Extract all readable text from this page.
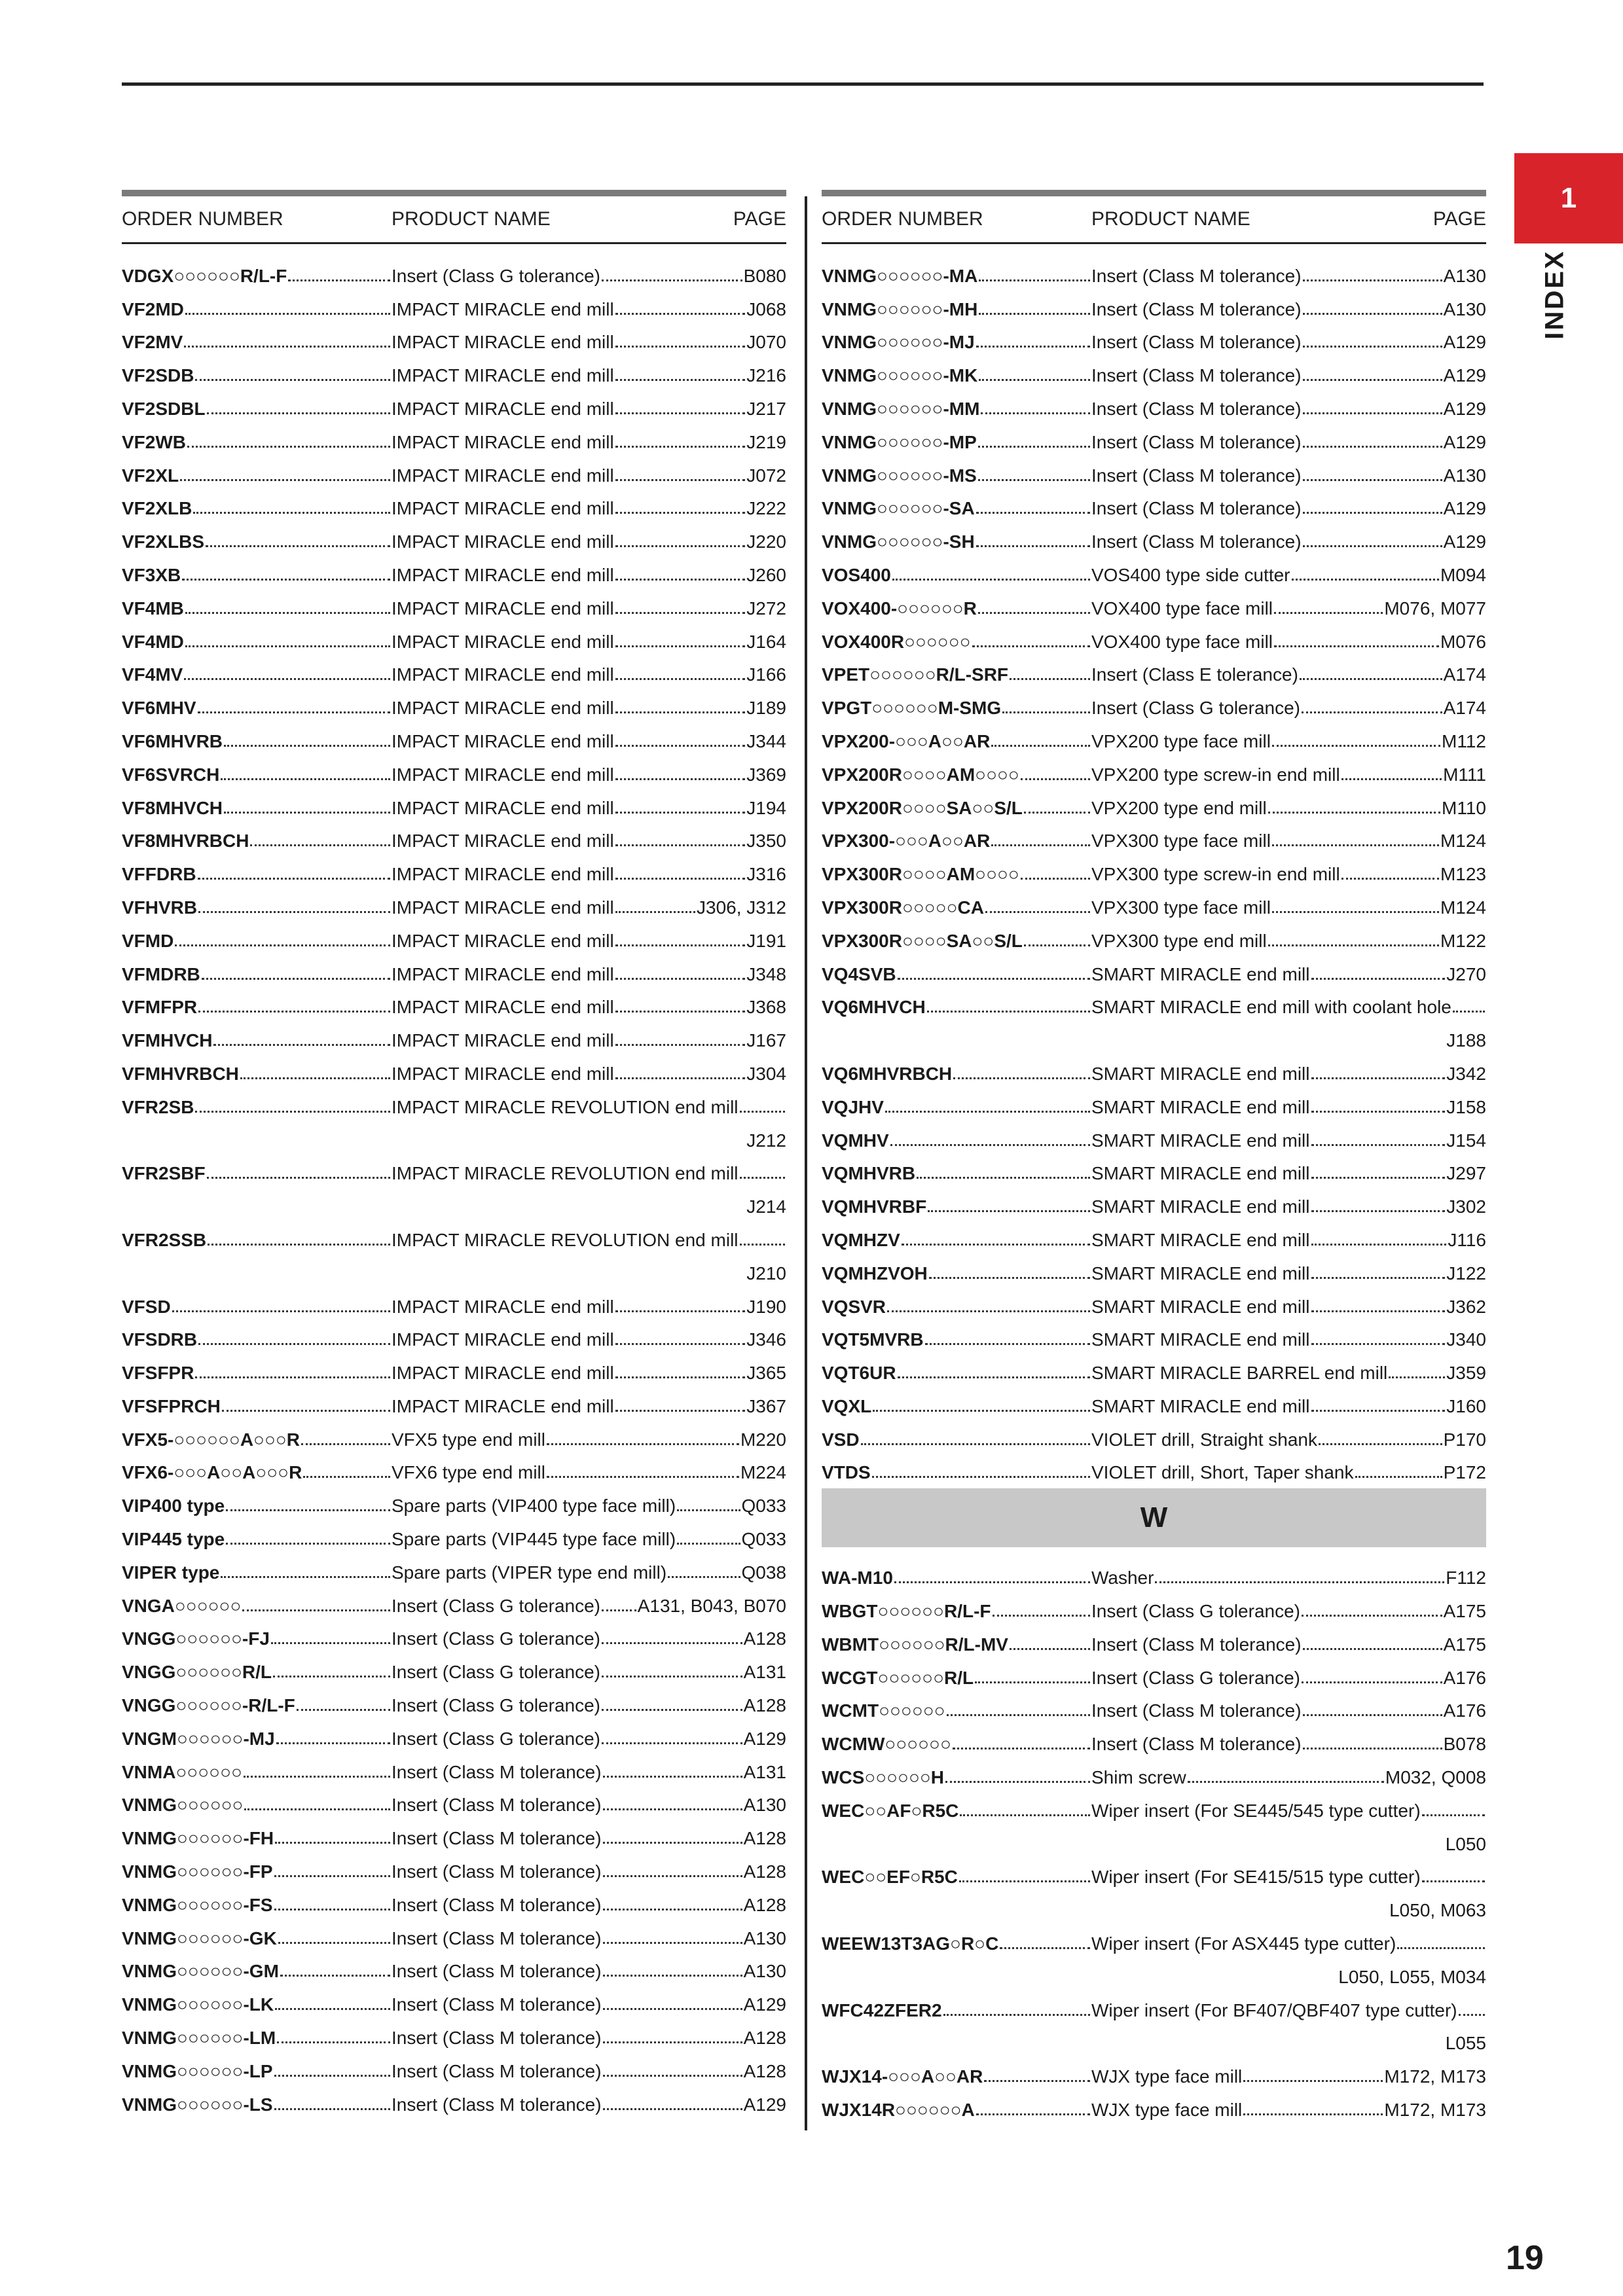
1
INDEX
ORDER NUMBER	PRODUCT NAME	PAGE
VDGX○○○○○○R/L-F	Insert (Class G tolerance)	B080
VF2MD	IMPACT MIRACLE end mill	J068
VF2MV	IMPACT MIRACLE end mill	J070
VF2SDB	IMPACT MIRACLE end mill	J216
VF2SDBL	IMPACT MIRACLE end mill	J217
VF2WB	IMPACT MIRACLE end mill	J219
VF2XL	IMPACT MIRACLE end mill	J072
VF2XLB	IMPACT MIRACLE end mill	J222
VF2XLBS	IMPACT MIRACLE end mill	J220
VF3XB	IMPACT MIRACLE end mill	J260
VF4MB	IMPACT MIRACLE end mill	J272
VF4MD	IMPACT MIRACLE end mill	J164
VF4MV	IMPACT MIRACLE end mill	J166
VF6MHV	IMPACT MIRACLE end mill	J189
VF6MHVRB	IMPACT MIRACLE end mill	J344
VF6SVRCH	IMPACT MIRACLE end mill	J369
VF8MHVCH	IMPACT MIRACLE end mill	J194
VF8MHVRBCH	IMPACT MIRACLE end mill	J350
VFFDRB	IMPACT MIRACLE end mill	J316
VFHVRB	IMPACT MIRACLE end mill	J306, J312
VFMD	IMPACT MIRACLE end mill	J191
VFMDRB	IMPACT MIRACLE end mill	J348
VFMFPR	IMPACT MIRACLE end mill	J368
VFMHVCH	IMPACT MIRACLE end mill	J167
VFMHVRBCH	IMPACT MIRACLE end mill	J304
VFR2SB	IMPACT MIRACLE REVOLUTION end mill
J212
VFR2SBF	IMPACT MIRACLE REVOLUTION end mill
J214
VFR2SSB	IMPACT MIRACLE REVOLUTION end mill
J210
VFSD	IMPACT MIRACLE end mill	J190
VFSDRB	IMPACT MIRACLE end mill	J346
VFSFPR	IMPACT MIRACLE end mill	J365
VFSFPRCH	IMPACT MIRACLE end mill	J367
VFX5-○○○○○○A○○○R	VFX5 type end mill	M220
VFX6-○○○A○○A○○○R	VFX6 type end mill	M224
VIP400 type	Spare parts (VIP400 type face mill)	Q033
VIP445 type	Spare parts (VIP445 type face mill)	Q033
VIPER type	Spare parts (VIPER type end mill)	Q038
VNGA○○○○○○	Insert (Class G tolerance) A131, B043, B070
VNGG○○○○○○-FJ	Insert (Class G tolerance)	A128
VNGG○○○○○○R/L	Insert (Class G tolerance)	A131
VNGG○○○○○○-R/L-F	Insert (Class G tolerance)	A128
VNGM○○○○○○-MJ	Insert (Class G tolerance)	A129
VNMA○○○○○○	Insert (Class M tolerance)	A131
VNMG○○○○○○	Insert (Class M tolerance)	A130
VNMG○○○○○○-FH	Insert (Class M tolerance)	A128
VNMG○○○○○○-FP	Insert (Class M tolerance)	A128
VNMG○○○○○○-FS	Insert (Class M tolerance)	A128
VNMG○○○○○○-GK	Insert (Class M tolerance)	A130
VNMG○○○○○○-GM	Insert (Class M tolerance)	A130
VNMG○○○○○○-LK	Insert (Class M tolerance)	A129
VNMG○○○○○○-LM	Insert (Class M tolerance)	A128
VNMG○○○○○○-LP	Insert (Class M tolerance)	A128
VNMG○○○○○○-LS	Insert (Class M tolerance)	A129
ORDER NUMBER	PRODUCT NAME	PAGE
VNMG○○○○○○-MA	Insert (Class M tolerance)	A130
VNMG○○○○○○-MH	Insert (Class M tolerance)	A130
VNMG○○○○○○-MJ	Insert (Class M tolerance)	A129
VNMG○○○○○○-MK	Insert (Class M tolerance)	A129
VNMG○○○○○○-MM	Insert (Class M tolerance)	A129
VNMG○○○○○○-MP	Insert (Class M tolerance)	A129
VNMG○○○○○○-MS	Insert (Class M tolerance)	A130
VNMG○○○○○○-SA	Insert (Class M tolerance)	A129
VNMG○○○○○○-SH	Insert (Class M tolerance)	A129
VOS400	VOS400 type side cutter	M094
VOX400-○○○○○○R	VOX400 type face mill	M076, M077
VOX400R○○○○○○	VOX400 type face mill	M076
VPET○○○○○○R/L-SRF	Insert (Class E tolerance)	A174
VPGT○○○○○○M-SMG	Insert (Class G tolerance)	A174
VPX200-○○○A○○AR	VPX200 type face mill	M112
VPX200R○○○○AM○○○○	VPX200 type screw-in end mill	M111
VPX200R○○○○SA○○S/L	VPX200 type end mill	M110
VPX300-○○○A○○AR	VPX300 type face mill	M124
VPX300R○○○○AM○○○○	VPX300 type screw-in end mill	M123
VPX300R○○○○○CA	VPX300 type face mill	M124
VPX300R○○○○SA○○S/L	VPX300 type end mill	M122
VQ4SVB	SMART MIRACLE end mill	J270
VQ6MHVCH	SMART MIRACLE end mill with coolant hole
J188
VQ6MHVRBCH	SMART MIRACLE end mill	J342
VQJHV	SMART MIRACLE end mill	J158
VQMHV	SMART MIRACLE end mill	J154
VQMHVRB	SMART MIRACLE end mill	J297
VQMHVRBF	SMART MIRACLE end mill	J302
VQMHZV	SMART MIRACLE end mill	J116
VQMHZVOH	SMART MIRACLE end mill	J122
VQSVR	SMART MIRACLE end mill	J362
VQT5MVRB	SMART MIRACLE end mill	J340
VQT6UR	SMART MIRACLE BARREL end mill	J359
VQXL	SMART MIRACLE end mill	J160
VSD	VIOLET drill, Straight shank	P170
VTDS	VIOLET drill, Short, Taper shank	P172
W
WA-M10	Washer	F112
WBGT○○○○○○R/L-F	Insert (Class G tolerance)	A175
WBMT○○○○○○R/L-MV	Insert (Class M tolerance)	A175
WCGT○○○○○○R/L	Insert (Class G tolerance)	A176
WCMT○○○○○○	Insert (Class M tolerance)	A176
WCMW○○○○○○	Insert (Class M tolerance)	B078
WCS○○○○○○H	Shim screw	M032, Q008
WEC○○AF○R5C	Wiper insert (For SE445/545 type cutter)
L050
WEC○○EF○R5C	Wiper insert (For SE415/515 type cutter)
L050, M063
WEEW13T3AG○R○C	Wiper insert (For ASX445 type cutter)
L050, L055, M034
WFC42ZFER2	Wiper insert (For BF407/QBF407 type cutter)
L055
WJX14-○○○A○○AR	WJX type face mill	M172, M173
WJX14R○○○○○○A	WJX type face mill	M172, M173
19
